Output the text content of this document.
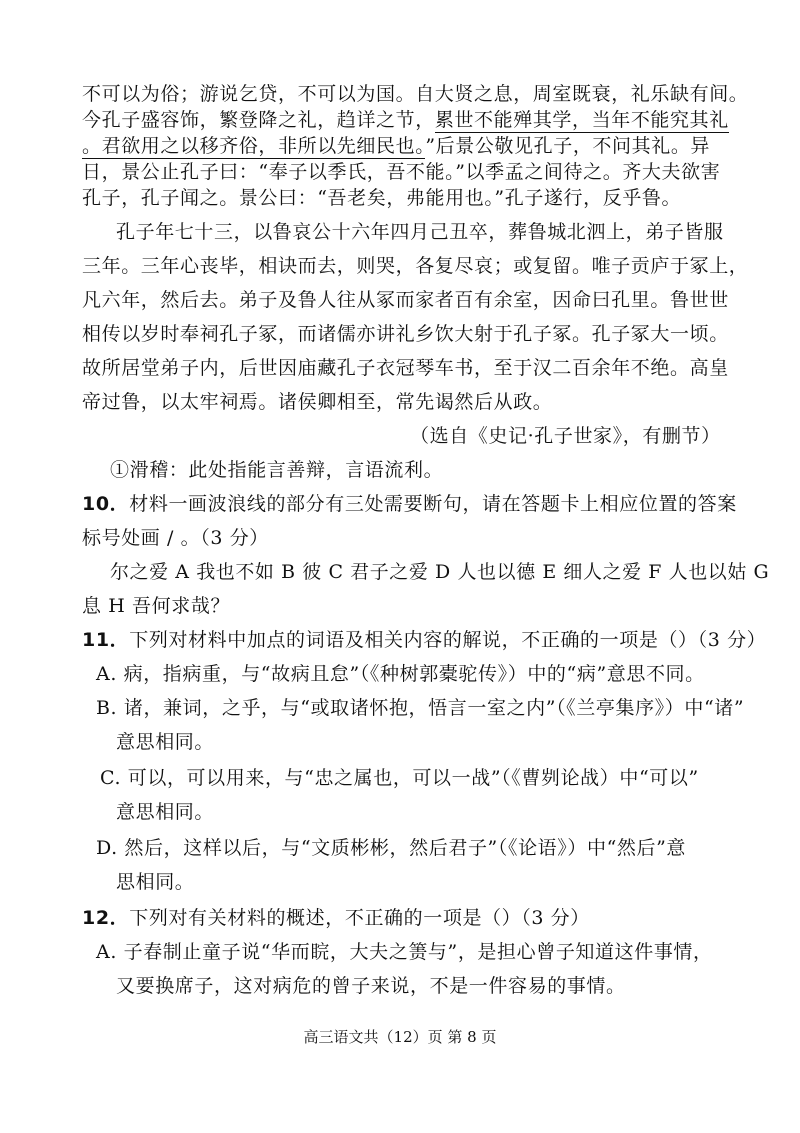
不可以为俗；游说乞贷，不可以为国。自大贤之息，周室既衰，礼乐缺有间。
今孔子盛容饰，繁登降之礼，趋详之节，累世不能殚其学，当年不能究其礼
。君欲用之以移齐俗，非所以先细民也。”后景公敬见孔子，不问其礼。异
日，景公止孔子曰：“奉子以季氏，吾不能。”以季孟之间待之。齐大夫欲害
孔子，孔子闻之。景公曰：“吾老矣，弗能用也。”孔子遂行，反乎鲁。
孔子年七十三，以鲁哀公十六年四月己丑卒，葬鲁城北泗上，弟子皆服
三年。三年心丧毕，相诀而去，则哭，各复尽哀；或复留。唯子贡庐于冢上，
凡六年，然后去。弟子及鲁人往从冢而家者百有余室，因命曰孔里。鲁世世
相传以岁时奉祠孔子冢，而诸儒亦讲礼乡饮大射于孔子冢。孔子冢大一顷。
故所居堂弟子内，后世因庙藏孔子衣冠琴车书，至于汉二百余年不绝。高皇
帝过鲁，以太牢祠焉。诸侯卿相至，常先谒然后从政。
（选自《史记·孔子世家》，有删节）
①滑稽：此处指能言善辩，言语流利。
10．材料一画波浪线的部分有三处需要断句，请在答题卡上相应位置的答案
标号处画 / 。（3 分）
尔之爱 A 我也不如 B 彼 C 君子之爱 D 人也以德 E 细人之爱 F 人也以姑 G
息 H 吾何求哉？
11．下列对材料中加点的词语及相关内容的解说，不正确的一项是（）（3 分）
A. 病，指病重，与“故病且怠”（《种树郭橐驼传》）中的“病”意思不同。
B. 诸，兼词，之乎，与“或取诸怀抱，悟言一室之内”（《兰亭集序》）中“诸”
意思相同。
C. 可以，可以用来，与“忠之属也，可以一战”（《曹刿论战）中“可以”
意思相同。
D. 然后，这样以后，与“文质彬彬，然后君子”（《论语》）中“然后”意
思相同。
12．下列对有关材料的概述，不正确的一项是（）（3 分）
A. 子春制止童子说“华而睆，大夫之箦与”，是担心曾子知道这件事情，
又要换席子，这对病危的曾子来说，不是一件容易的事情。
高三语文共（12）页 第 8 页
